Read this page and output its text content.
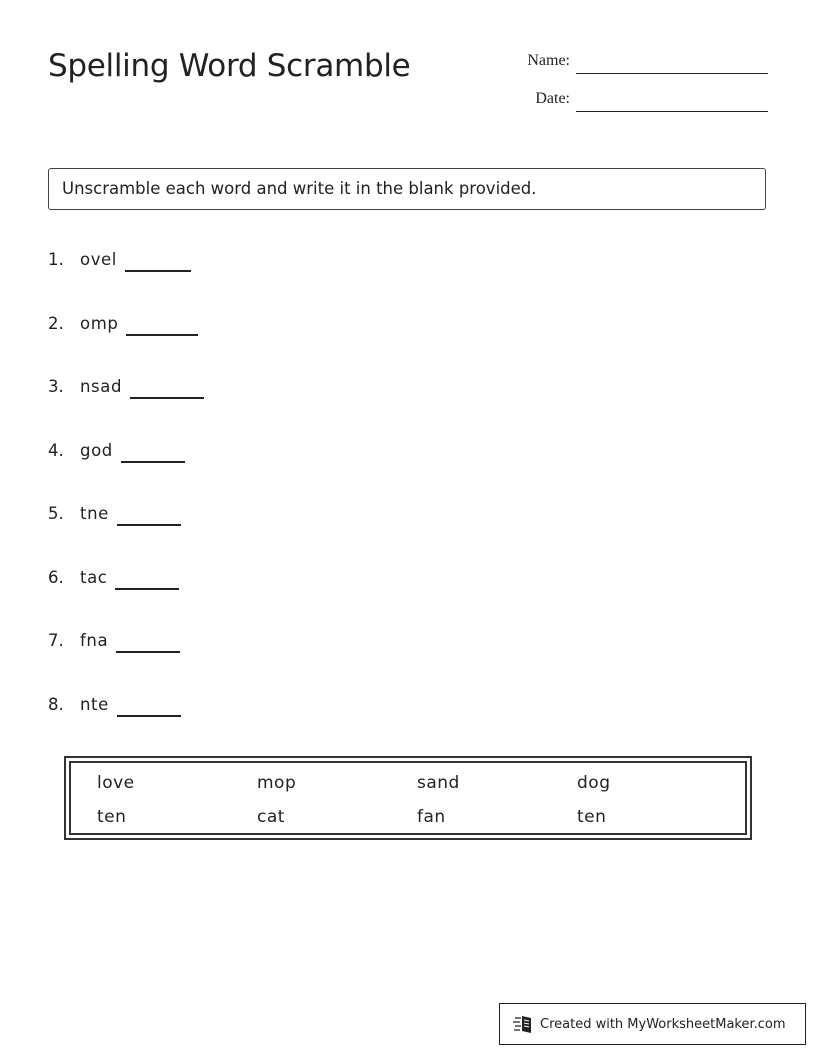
Spelling Word Scramble	Name:
Date:
Unscramble each word and write it in the blank provided.
1. ovel
2. omp
3. nsad
4. god
5. tne
6. tac
7. fna
8. nte
love	mop	sand	dog
ten	cat	fan	ten
Created with MyWorksheetMaker.com
